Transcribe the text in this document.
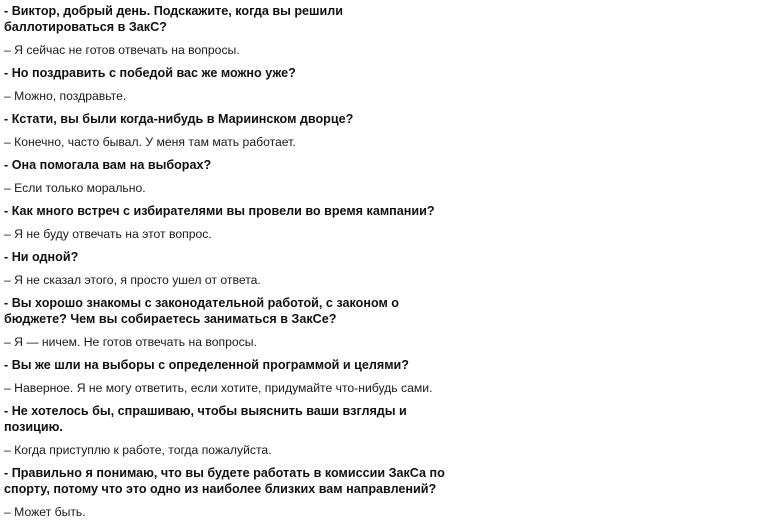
- Виктор, добрый день. Подскажите, когда вы решили баллотироваться в ЗакС?

– Я сейчас не готов отвечать на вопросы.

- Но поздравить с победой вас же можно уже?

– Можно, поздравьте.

- Кстати, вы были когда-нибудь в Мариинском дворце?

– Конечно, часто бывал. У меня там мать работает.

- Она помогала вам на выборах?

– Если только морально.

- Как много встреч с избирателями вы провели во время кампании?

– Я не буду отвечать на этот вопрос.

- Ни одной?

– Я не сказал этого, я просто ушел от ответа.

- Вы хорошо знакомы с законодательной работой, с законом о бюджете? Чем вы собираетесь заниматься в ЗакСе?

– Я — ничем. Не готов отвечать на вопросы.

- Вы же шли на выборы с определенной программой и целями?

– Наверное. Я не могу ответить, если хотите, придумайте что-нибудь сами.

- Не хотелось бы, спрашиваю, чтобы выяснить ваши взгляды и позицию.

– Когда приступлю к работе, тогда пожалуйста.

- Правильно я понимаю, что вы будете работать в комиссии ЗакСа по спорту, потому что это одно из наиболее близких вам направлений?

– Может быть.
